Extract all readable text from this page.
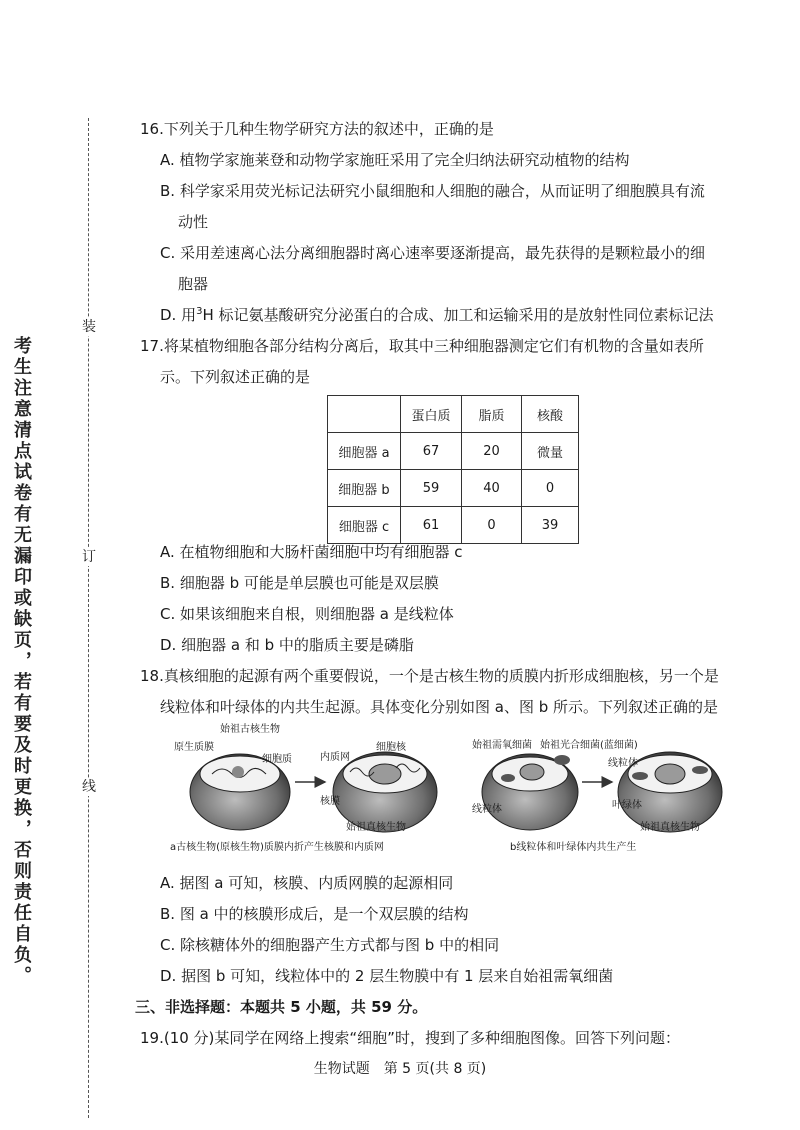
装
订
线
考生注意清点试卷有无漏印或缺页，若有要及时更换，否则责任自负。
16.下列关于几种生物学研究方法的叙述中，正确的是
A. 植物学家施莱登和动物学家施旺采用了完全归纳法研究动植物的结构
B. 科学家采用荧光标记法研究小鼠细胞和人细胞的融合，从而证明了细胞膜具有流
动性
C. 采用差速离心法分离细胞器时离心速率要逐渐提高，最先获得的是颗粒最小的细
胞器
D. 用$^3$H 标记氨基酸研究分泌蛋白的合成、加工和运输采用的是放射性同位素标记法
17.将某植物细胞各部分结构分离后，取其中三种细胞器测定它们有机物的含量如表所
示。下列叙述正确的是
	蛋白质	脂质	核酸
细胞器 a	67	20	微量
细胞器 b	59	40	0
细胞器 c	61	0	39
A. 在植物细胞和大肠杆菌细胞中均有细胞器 c
B. 细胞器 b 可能是单层膜也可能是双层膜
C. 如果该细胞来自根，则细胞器 a 是线粒体
D. 细胞器 a 和 b 中的脂质主要是磷脂
18.真核细胞的起源有两个重要假说，一个是古核生物的质膜内折形成细胞核，另一个是
线粒体和叶绿体的内共生起源。具体变化分别如图 a、图 b 所示。下列叙述正确的是
始祖古核生物
原生质膜
细胞质	内质网
细胞核
核膜
始祖真核生物
a古核生物(原核生物)质膜内折产生核膜和内质网
始祖需氧细菌 始祖光合细菌(蓝细菌)
线粒体
线粒体	叶绿体
始祖真核生物
b线粒体和叶绿体内共生产生
A. 据图 a 可知，核膜、内质网膜的起源相同
B. 图 a 中的核膜形成后，是一个双层膜的结构
C. 除核糖体外的细胞器产生方式都与图 b 中的相同
D. 据图 b 可知，线粒体中的 2 层生物膜中有 1 层来自始祖需氧细菌
三、非选择题：本题共 5 小题，共 59 分。
19.(10 分)某同学在网络上搜索“细胞”时，搜到了多种细胞图像。回答下列问题：
生物试题　第 5 页(共 8 页)
